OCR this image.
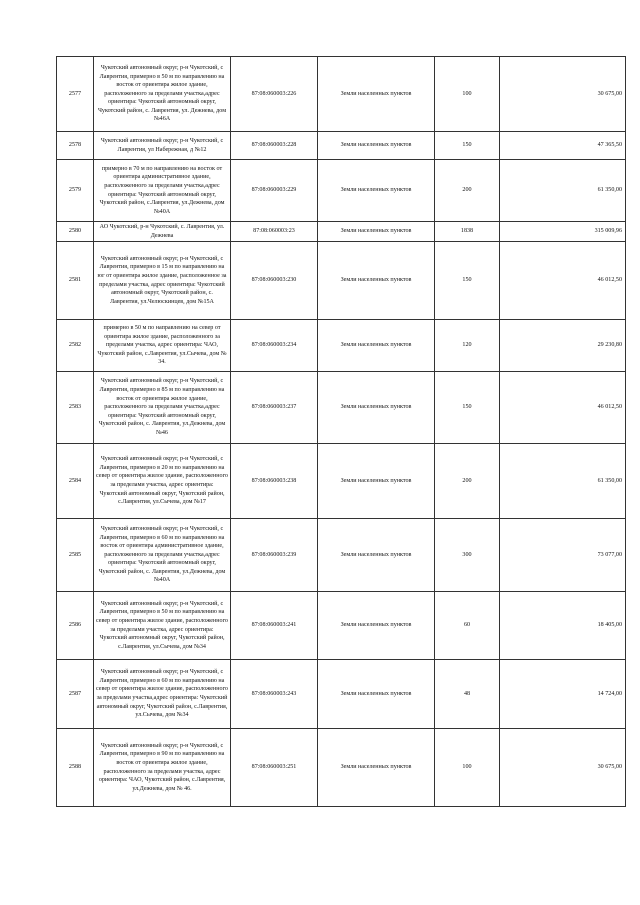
2577	Чукотский автономный округ, р-н Чукотский, с Лаврентия, примерно в 50 м по направлению на восток от ориентира жилое здание, расположенного за пределами участка,адрес ориентира: Чукотский автономный округ, Чукотский район, с. Лаврентия, ул. Дежнева, дом №46А	87:08:060003:226	Земли населенных пунктов	100	30 675,00
2578	Чукотский автономный округ, р-н Чукотский, с Лаврентия, ул Набережная, д №12	87:08:060003:228	Земли населенных пунктов	150	47 365,50
2579	примерно в 70 м по направлению на восток от ориентира административное здание, расположенного за пределами участка,адрес ориентира: Чукотский автономный округ, Чукотский район, с.Лаврентия, ул.Дежнева, дом №40А	87:08:060003:229	Земли населенных пунктов	200	61 350,00
2580	АО Чукотский, р-н Чукотский, с. Лаврентия, ул. Дежнева	87:08:060003:23	Земли населенных пунктов	1838	315 009,96
2581	Чукотский автономный округ, р-н Чукотский, с Лаврентия, примерно в 15 м по направлению на юг от ориентира жилое здание, расположенное за пределами участка, адрес ориентира: Чукотский автономный округ, Чукотский район, с. Лаврентия, ул.Челюскинцев, дом №15А	87:08:060003:230	Земли населенных пунктов	150	46 012,50
2582	примерно в 50 м по направлению на север от ориентира жилое здание, расположенного за пределами участка, адрес ориентира: ЧАО, Чукотский район, с.Лаврентия, ул.Сычева, дом № 34.	87:08:060003:234	Земли населенных пунктов	120	29 230,80
2583	Чукотский автономный округ, р-н Чукотский, с Лаврентия, примерно в 85 м по направлению на восток от ориентира жилое здание, расположенного за пределами участка,адрес ориентира: Чукотский автономный округ, Чукотский район, с. Лаврентия, ул.Дежнева, дом №46	87:08:060003:237	Земли населенных пунктов	150	46 012,50
2584	Чукотский автономный округ, р-н Чукотский, с Лаврентия, примерно в 20 м по направлению на север от ориентира жилое здание, расположенного за пределами участка, адрес ориентира: Чукотский автономный округ, Чукотский район, с.Лаврентия, ул.Сычева, дом №17	87:08:060003:238	Земли населенных пунктов	200	61 350,00
2585	Чукотский автономный округ, р-н Чукотский, с Лаврентия, примерно в 60 м по направлению на восток от ориентира административное здание, расположенного за пределами участка,адрес ориентира: Чукотский автономный округ, Чукотский район, с. Лаврентия, ул.Дежнева, дом №40А	87:08:060003:239	Земли населенных пунктов	300	73 077,00
2586	Чукотский автономный округ, р-н Чукотский, с Лаврентия, примерно в 50 м по направлению на север от ориентира жилое здание, расположенного за пределами участка, адрес ориентира: Чукотский автономный округ, Чукотский район, с.Лаврентия, ул.Сычева, дом №34	87:08:060003:241	Земли населенных пунктов	60	18 405,00
2587	Чукотский автономный округ, р-н Чукотский, с Лаврентия, примерно в 60 м по направлению на север от ориентира жилое здание, расположенного за пределами участка,адрес ориентира: Чукотский автономный округ, Чукотский район, с.Лаврентия, ул.Сычева, дом №34	87:08:060003:243	Земли населенных пунктов	48	14 724,00
2588	Чукотский автономный округ, р-н Чукотский, с Лаврентия, примерно в 90 м по направлению на восток от ориентира жилое здание, расположенного за пределами участка, адрес ориентира: ЧАО, Чукотский район, с.Лаврентия, ул.Дежнева, дом № 46.	87:08:060003:251	Земли населенных пунктов	100	30 675,00
